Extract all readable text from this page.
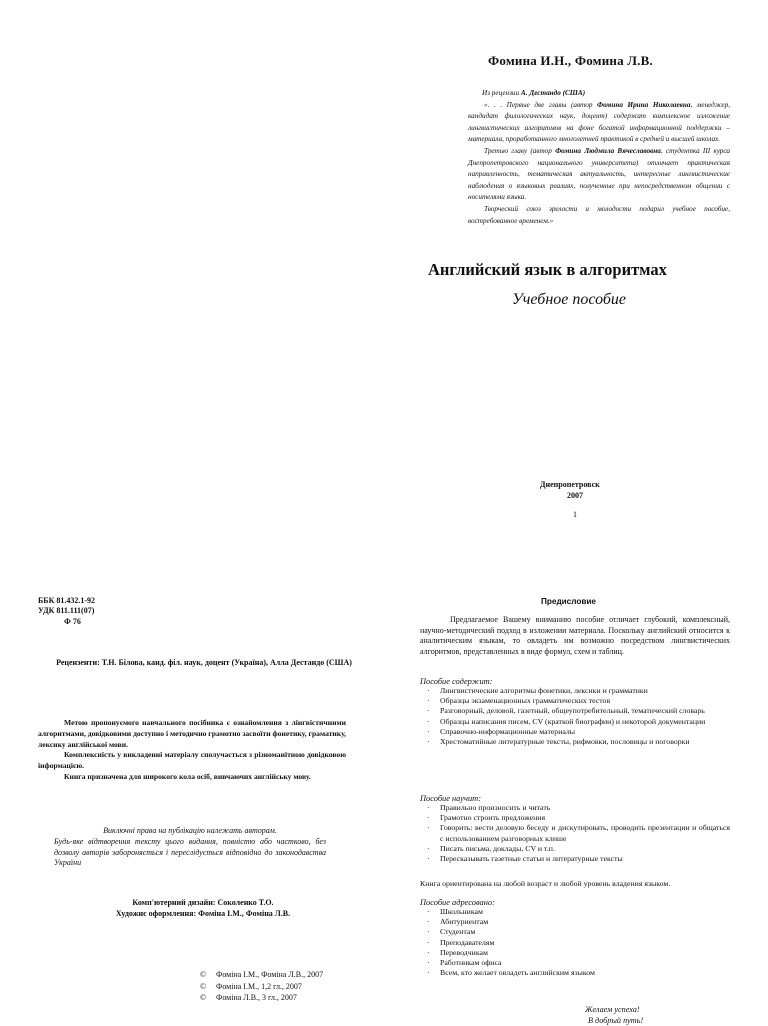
Фомина И.Н., Фомина Л.В.

Из рецензии А. Дестандо (США)

«. . . Первые две главы (автор Фомина Ирина Николаевна, менеджер, кандидат филологических наук, доцент) содержат комплексное изложение лингвистических алгоритмов на фоне богатой информационной поддержки – материала, проработанного многолетней практикой в средней и высшей школах.

Третью главу (автор Фомина Людмила Вячеславовна, студентка III курса Днепропетровского национального университета) отличает практическая направленность, тематическая актуальность, интересные лингвистические наблюдения о языковых реалиях, полученные при непосредственном общении с носителями языка.

Творческий союз зрелости и молодости подарил учебное пособие, востребованное временем.»

Английский язык в алгоритмах
Учебное пособие
Днепропетровск
2007
1
ББК 81.432.1-92
УДК 811.111(07)
Ф 76
Рецензенти: Т.Н. Бiлова, канд. фiл. наук, доцент (Україна), Алла Дестандо (США)

Метою пропонуємого навчального посібника є ознайомлення з лінгвістичними алгоритмами, довідковими доступно і методично грамотно засвоїти фонетику, граматику, лексику англійської мови.

Комплексність у викладенні матеріалу сполучається з різноманітною довідковою інформацією.

Книга призначена для широкого кола осіб, вивчаючих англійську мову.

Виключні права на публікацію належать авторам.

Будь-яке відтворення тексту цього видання, повністю або частково, без дозволу авторів забороняється і переслідується відповідно до законодавства України

Комп'ютерний дизайн: Соколенко Т.О.
Художнє оформлення: Фоміна І.М., Фоміна Л.В.
© Фоміна І.М., Фоміна Л.В., 2007
© Фоміна І.М., 1,2 гл., 2007
© Фоміна Л.В., 3 гл., 2007
Предисловие

Предлагаемое Вашему вниманию пособие отличает глубокий, комплексный, научно-методический подход в изложении материала. Поскольку английский относится к аналитическим языкам, то овладеть им возможно посредством лингвистических алгоритмов, представленных в виде формул, схем и таблиц.

Пособие содержит:

· Лингвистические алгоритмы фонетики, лексики и грамматики
· Образцы экзаменационных грамматических тестов
· Разговорный, деловой, газетный, общеупотребительный, тематический словарь
· Образцы написания писем, CV (краткой биографии) и некоторой документации
· Справочно-информационные материалы
· Хрестоматийные литературные тексты, рифмовки, пословицы и поговорки

Пособие научит:

· Правильно произносить и читать
· Грамотно строить предложения
· Говорить: вести деловую беседу и дискутировать, проводить презентации и общаться с использованием разговорных клише
· Писать письма, доклады, CV и т.п.
· Пересказывать газетные статьи и литературные тексты
Книга ориентирована на любой возраст и любой уровень владения языком.

Пособие адресовано:

· Школьникам
· Абитуриентам
· Студентам
· Преподавателям
· Переводчикам
· Работникам офиса
· Всем, кто желает овладеть английским языком
Желаем успеха!
В добрый путь!
